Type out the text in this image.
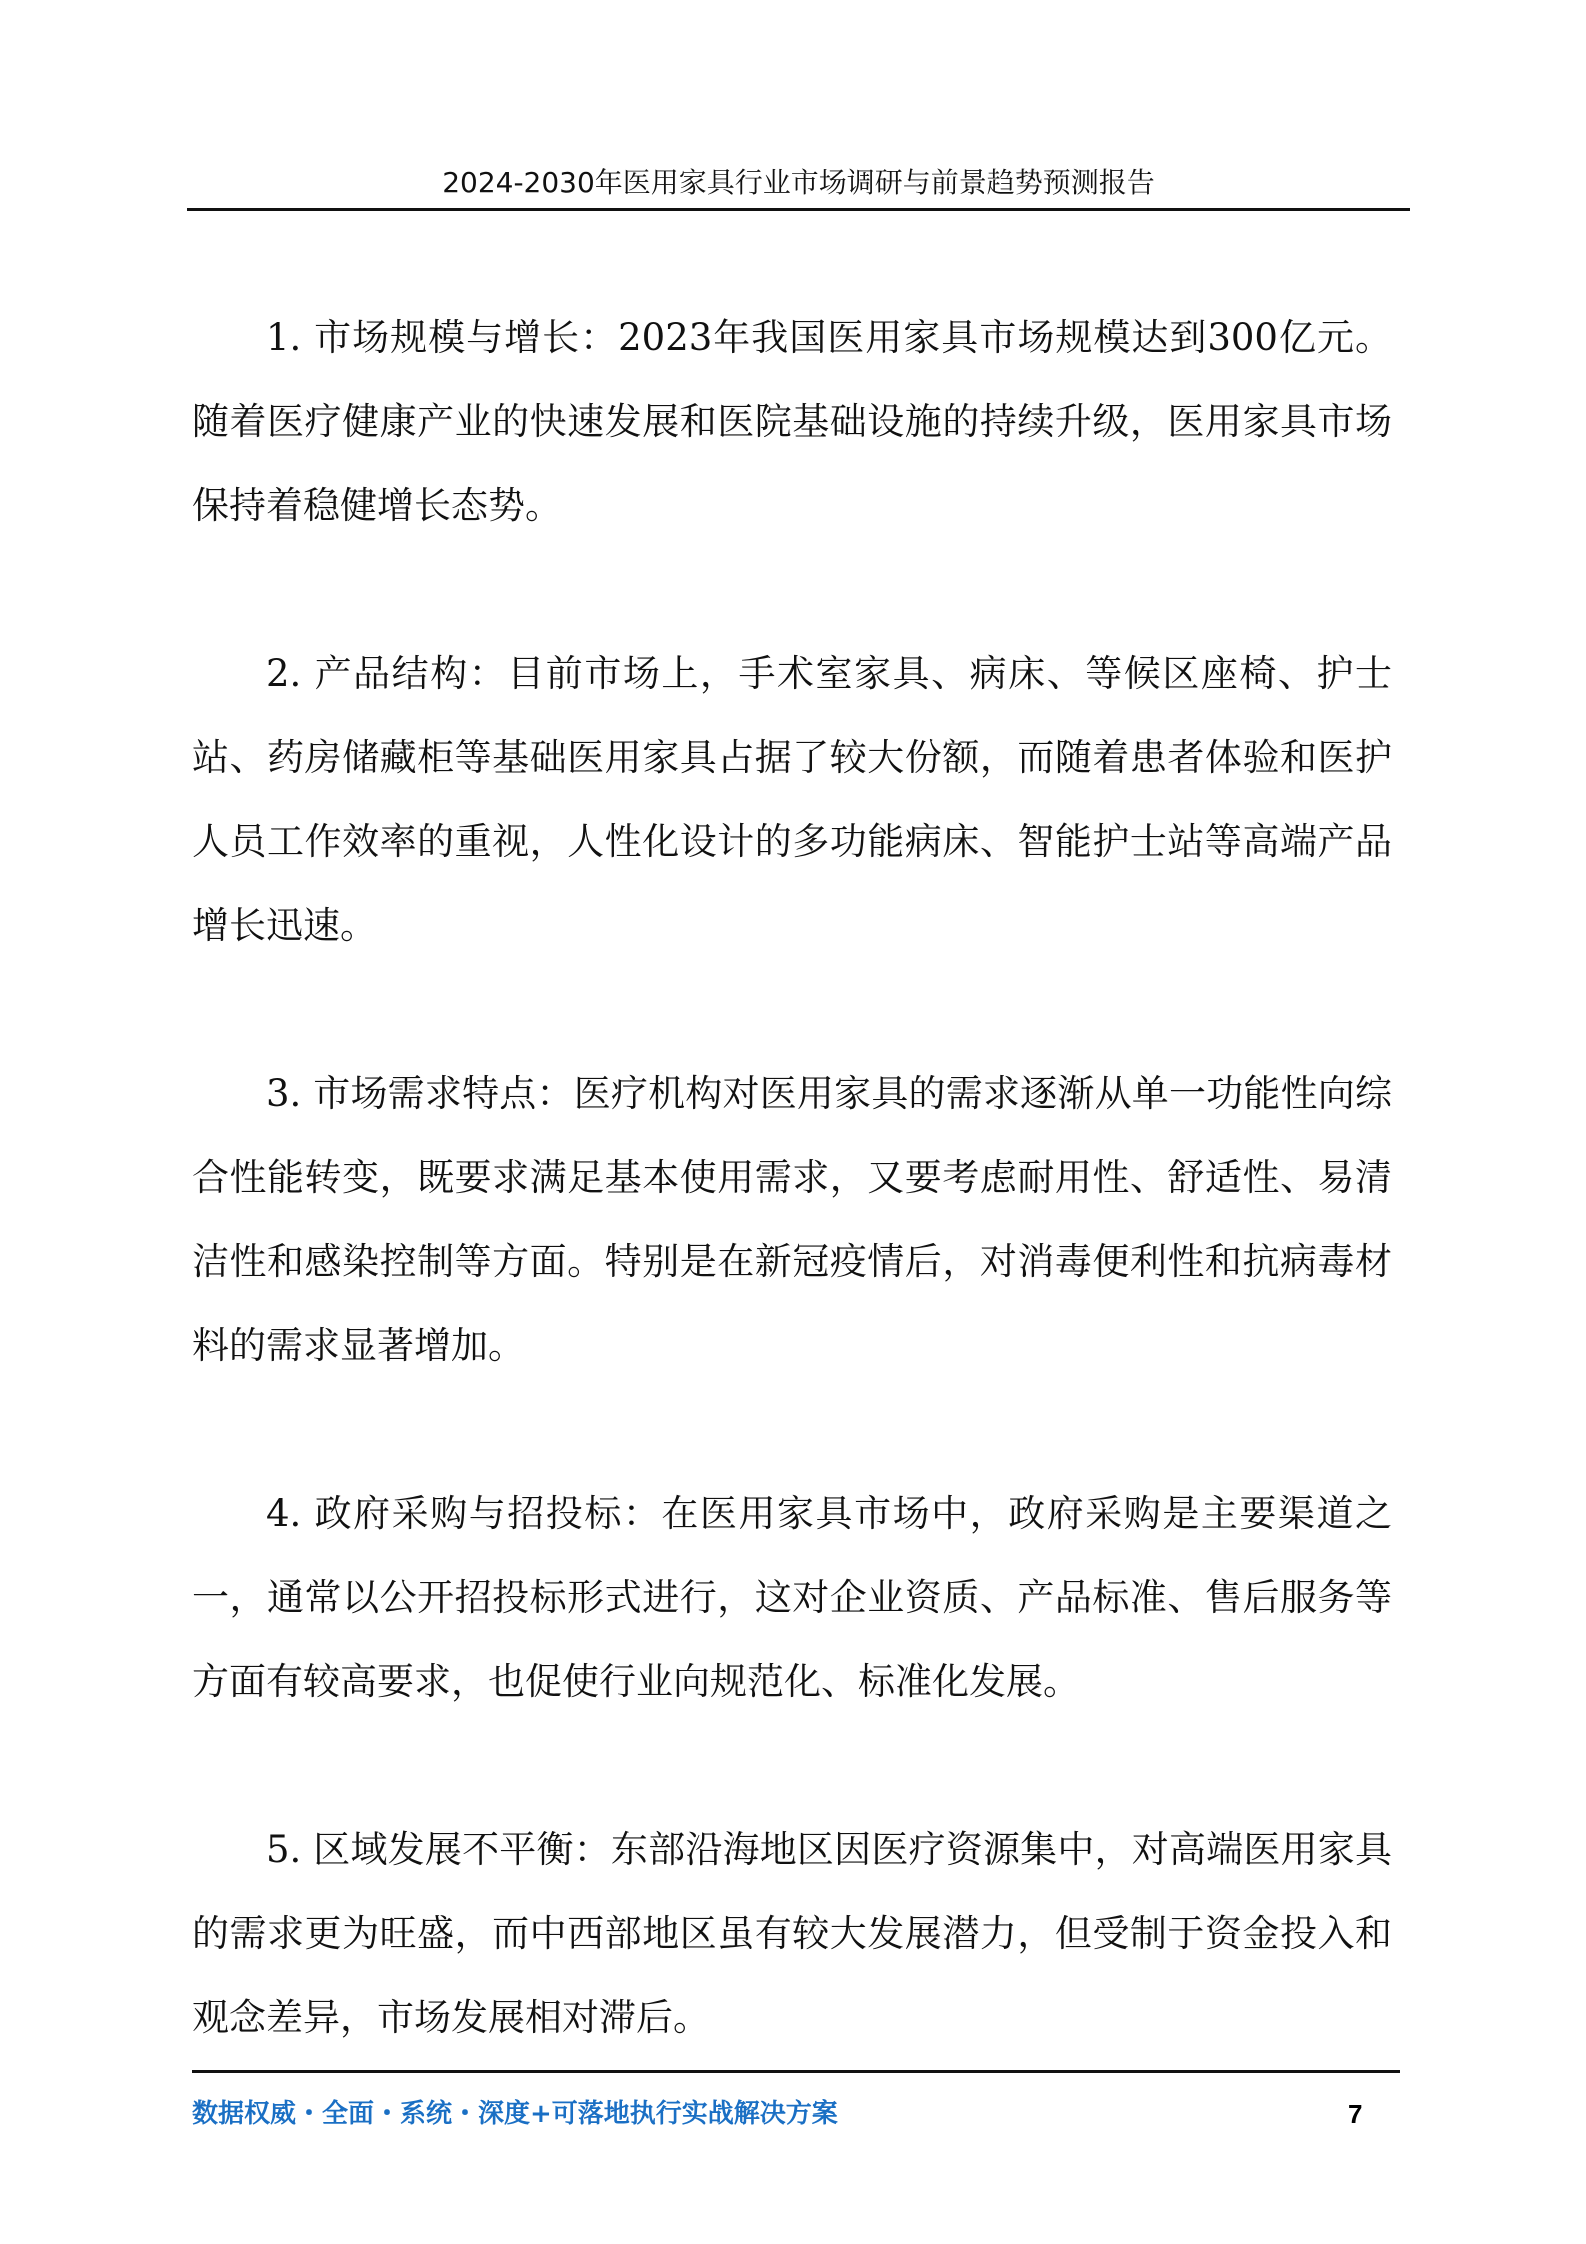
2024-2030年医用家具行业市场调研与前景趋势预测报告

1. 市场规模与增长：2023年我国医用家具市场规模达到300亿元。随着医疗健康产业的快速发展和医院基础设施的持续升级，医用家具市场保持着稳健增长态势。

2. 产品结构：目前市场上，手术室家具、病床、等候区座椅、护士站、药房储藏柜等基础医用家具占据了较大份额，而随着患者体验和医护人员工作效率的重视，人性化设计的多功能病床、智能护士站等高端产品增长迅速。

3. 市场需求特点：医疗机构对医用家具的需求逐渐从单一功能性向综合性能转变，既要求满足基本使用需求，又要考虑耐用性、舒适性、易清洁性和感染控制等方面。特别是在新冠疫情后，对消毒便利性和抗病毒材料的需求显著增加。

4. 政府采购与招投标：在医用家具市场中，政府采购是主要渠道之一，通常以公开招投标形式进行，这对企业资质、产品标准、售后服务等方面有较高要求，也促使行业向规范化、标准化发展。

5. 区域发展不平衡：东部沿海地区因医疗资源集中，对高端医用家具的需求更为旺盛，而中西部地区虽有较大发展潜力，但受制于资金投入和观念差异，市场发展相对滞后。

数据权威・全面・系统・深度+可落地执行实战解决方案	7
